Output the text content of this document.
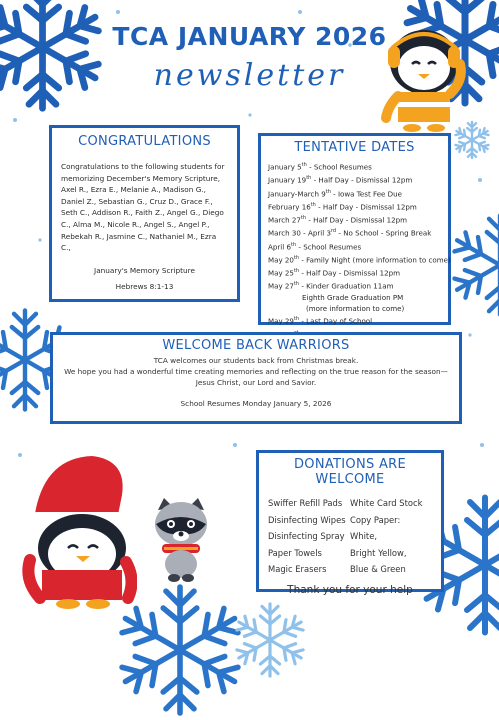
TCA JANUARY 2026
newsletter
CONGRATULATIONS
Congratulations to the following students for memorizing December's Memory Scripture, Axel R., Ezra E., Melanie A., Madison G., Daniel Z., Sebastian G., Cruz D., Grace F., Seth C., Addison R., Faith Z., Angel G., Diego C., Alma M., Nicole R., Angel S., Angel P., Rebekah R., Jasmine C., Nathaniel M., Ezra C.,
January's Memory Scripture
Hebrews 8:1-13
TENTATIVE DATES
January 5th - School Resumes
January 19th - Half Day - Dismissal 12pm
January-March 9th - Iowa Test Fee Due
February 16th - Half Day - Dismissal 12pm
March 27th - Half Day - Dismissal 12pm
March 30 - April 3rd - No School - Spring Break
April 6th - School Resumes
May 20th - Family Night (more information to come)
May 25th - Half Day - Dismissal 12pm
May 27th - Kinder Graduation 11am
Eighth Grade Graduation PM
(more information to come)
May 29th - Last Day of School
WELCOME BACK WARRIORS
TCA welcomes our students back from Christmas break.
We hope you had a wonderful time creating memories and reflecting on the true reason for the season—
Jesus Christ, our Lord and Savior.
School Resumes Monday January 5, 2026
DONATIONS ARE WELCOME
Swiffer Refill Pads
Disinfecting Wipes
Disinfecting Spray
Paper Towels
Magic Erasers
White Card Stock
Copy Paper:
White,
Bright Yellow,
Blue & Green
Thank you for your help
